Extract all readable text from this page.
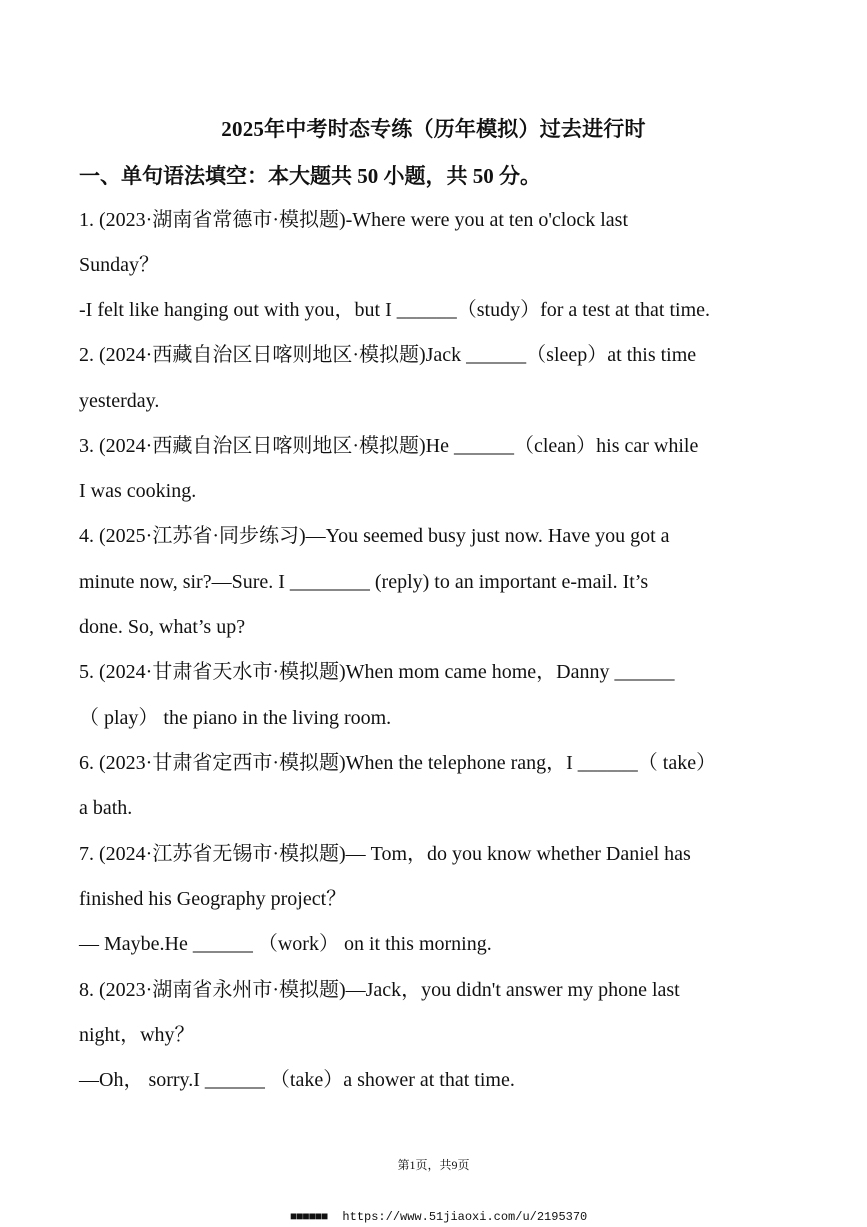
2025年中考时态专练（历年模拟）过去进行时
一、单句语法填空：本大题共 50 小题，共 50 分。
1. (2023·湖南省常德市·模拟题)-Where were you at ten o'clock last
Sunday？
-I felt like hanging out with you，but I ______（study）for a test at that time.
2. (2024·西藏自治区日喀则地区·模拟题)Jack ______（sleep）at this time
yesterday.
3. (2024·西藏自治区日喀则地区·模拟题)He ______（clean）his car while
I was cooking.
4. (2025·江苏省·同步练习)—You seemed busy just now. Have you got a
minute now, sir?—Sure. I ________ (reply) to an important e-mail. It’s
done. So, what’s up?
5. (2024·甘肃省天水市·模拟题)When mom came home，Danny ______
（ play） the piano in the living room.
6. (2023·甘肃省定西市·模拟题)When the telephone rang，I ______（ take）
a bath.
7. (2024·江苏省无锡市·模拟题)— Tom，do you know whether Daniel has
finished his Geography project？
— Maybe.He ______ （work） on it this morning.
8. (2023·湖南省永州市·模拟题)—Jack，you didn't answer my phone last
night，why？
—Oh， sorry.I ______ （take）a shower at that time.
第1页，共9页
■■■■■■ https://www.51jiaoxi.com/u/2195370
